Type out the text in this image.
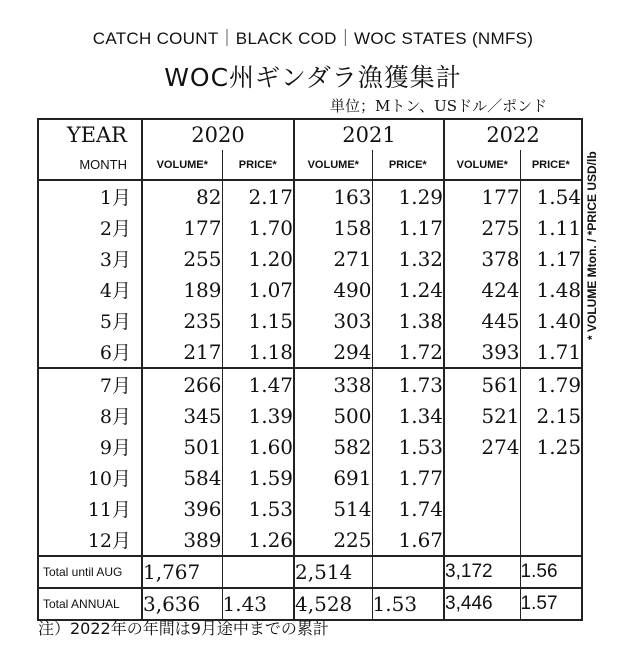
CATCH COUNT｜BLACK COD｜WOC STATES (NMFS)
WOC州ギンダラ漁獲集計
単位；Mトン、USドル／ポンド
* VOLUME Mton. / *PRICE USD/lb
YEAR	2020		2021		2022	
MONTH	VOLUME*	PRICE*	VOLUME*	PRICE*	VOLUME*	PRICE*
1月	82	2.17	163	1.29	177	1.54
2月	177	1.70	158	1.17	275	1.11
3月	255	1.20	271	1.32	378	1.17
4月	189	1.07	490	1.24	424	1.48
5月	235	1.15	303	1.38	445	1.40
6月	217	1.18	294	1.72	393	1.71
7月	266	1.47	338	1.73	561	1.79
8月	345	1.39	500	1.34	521	2.15
9月	501	1.60	582	1.53	274	1.25
10月	584	1.59	691	1.77		
11月	396	1.53	514	1.74		
12月	389	1.26	225	1.67		
Total until AUG	1,767		2,514		3,172	1.56
Total ANNUAL	3,636	1.43	4,528	1.53	3,446	1.57
注）2022年の年間は9月途中までの累計
